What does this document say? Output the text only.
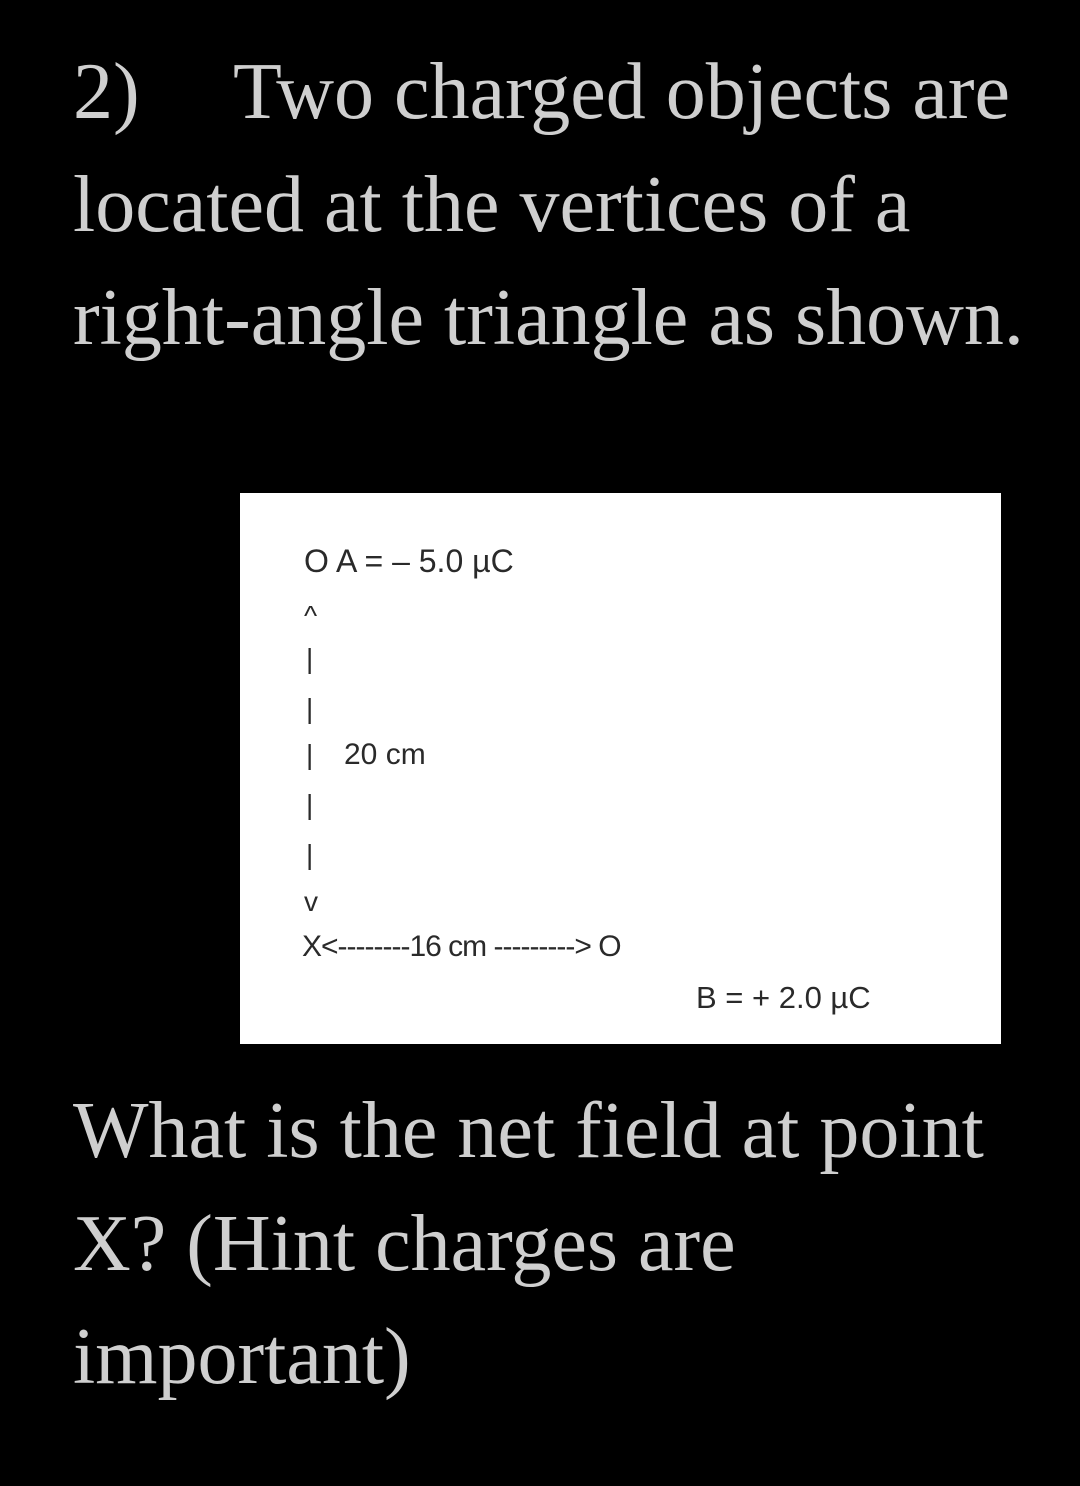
2) Two charged objects are located at the vertices of a right-angle triangle as shown.

O A = – 5.0 µC
^
|
|
| 20 cm
|
|
v
X<--------16 cm ---------> O
B = + 2.0 µC

What is the net field at point X? (Hint charges are important)
